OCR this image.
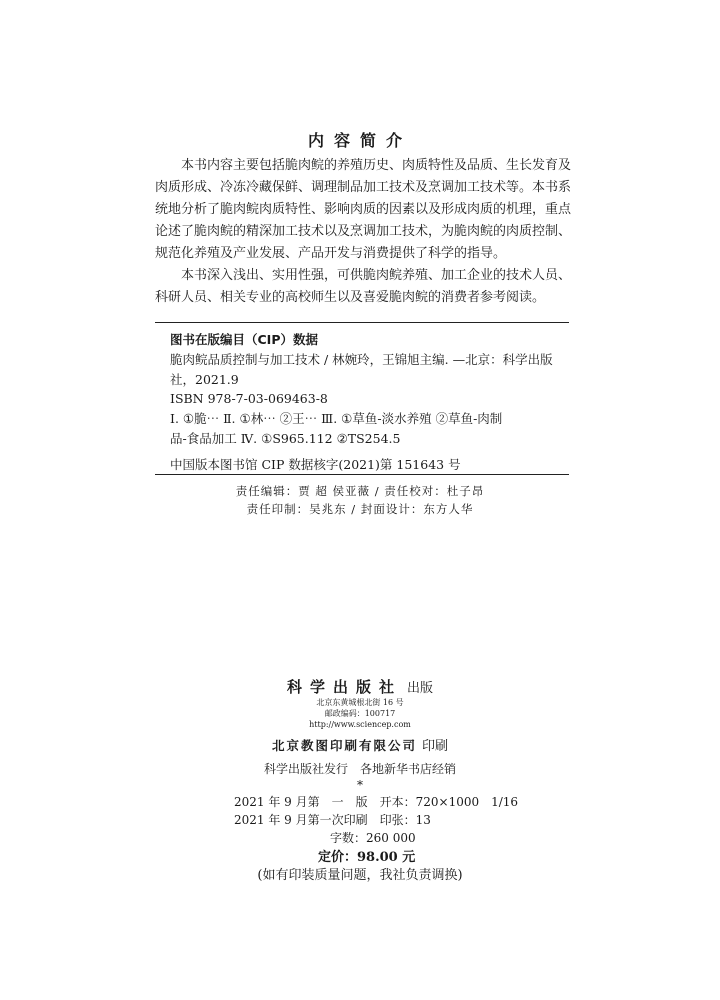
内容简介

本书内容主要包括脆肉鲩的养殖历史、肉质特性及品质、生长发育及肉质形成、冷冻冷藏保鲜、调理制品加工技术及烹调加工技术等。本书系统地分析了脆肉鲩肉质特性、影响肉质的因素以及形成肉质的机理，重点论述了脆肉鲩的精深加工技术以及烹调加工技术，为脆肉鲩的肉质控制、规范化养殖及产业发展、产品开发与消费提供了科学的指导。

本书深入浅出、实用性强，可供脆肉鲩养殖、加工企业的技术人员、科研人员、相关专业的高校师生以及喜爱脆肉鲩的消费者参考阅读。

图书在版编目（CIP）数据
脆肉鲩品质控制与加工技术 / 林婉玲，王锦旭主编. —北京：科学出版
社，2021.9
ISBN 978-7-03-069463-8
Ⅰ. ①脆⋯ Ⅱ. ①林⋯ ②王⋯ Ⅲ. ①草鱼-淡水养殖 ②草鱼-肉制
品-食品加工 Ⅳ. ①S965.112 ②TS254.5
中国版本图书馆 CIP 数据核字(2021)第 151643 号
责任编辑：贾 超 侯亚薇 / 责任校对：杜子昂
责任印制：吴兆东 / 封面设计：东方人华
科学出版社 出版
北京东黄城根北街 16 号
邮政编码：100717
http://www.sciencep.com
北京教图印刷有限公司 印刷
科学出版社发行　各地新华书店经销
*
2021 年 9 月第　一　版　开本：720×1000　1/16
2021 年 9 月第一次印刷　印张：13
字数：260 000
定价：98.00 元
(如有印装质量问题，我社负责调换)
